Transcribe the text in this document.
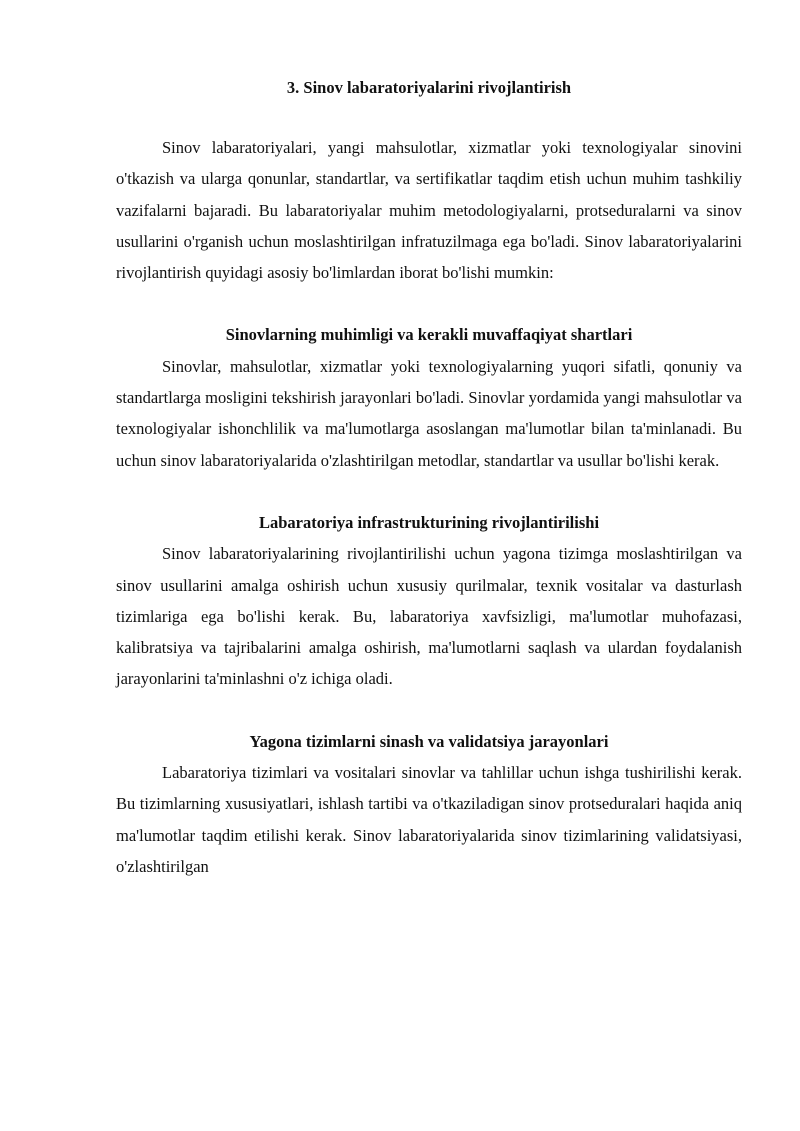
3. Sinov labaratoriyalarini rivojlantirish

Sinov labaratoriyalari, yangi mahsulotlar, xizmatlar yoki texnologiyalar sinovini o'tkazish va ularga qonunlar, standartlar, va sertifikatlar taqdim etish uchun muhim tashkiliy vazifalarni bajaradi. Bu labaratoriyalar muhim metodologiyalarni, protseduralarni va sinov usullarini o'rganish uchun moslashtirilgan infratuzilmaga ega bo'ladi. Sinov labaratoriyalarini rivojlantirish quyidagi asosiy bo'limlardan iborat bo'lishi mumkin:

Sinovlarning muhimligi va kerakli muvaffaqiyat shartlari

Sinovlar, mahsulotlar, xizmatlar yoki texnologiyalarning yuqori sifatli, qonuniy va standartlarga mosligini tekshirish jarayonlari bo'ladi. Sinovlar yordamida yangi mahsulotlar va texnologiyalar ishonchlilik va ma'lumotlarga asoslangan ma'lumotlar bilan ta'minlanadi. Bu uchun sinov labaratoriyalarida o'zlashtirilgan metodlar, standartlar va usullar bo'lishi kerak.

Labaratoriya infrastrukturining rivojlantirilishi

Sinov labaratoriyalarining rivojlantirilishi uchun yagona tizimga moslashtirilgan va sinov usullarini amalga oshirish uchun xususiy qurilmalar, texnik vositalar va dasturlash tizimlariga ega bo'lishi kerak. Bu, labaratoriya xavfsizligi, ma'lumotlar muhofazasi, kalibratsiya va tajribalarini amalga oshirish, ma'lumotlarni saqlash va ulardan foydalanish jarayonlarini ta'minlashni o'z ichiga oladi.

Yagona tizimlarni sinash va validatsiya jarayonlari

Labaratoriya tizimlari va vositalari sinovlar va tahlillar uchun ishga tushirilishi kerak. Bu tizimlarning xususiyatlari, ishlash tartibi va o'tkaziladigan sinov protseduralari haqida aniq ma'lumotlar taqdim etilishi kerak. Sinov labaratoriyalarida sinov tizimlarining validatsiyasi, o'zlashtirilgan
